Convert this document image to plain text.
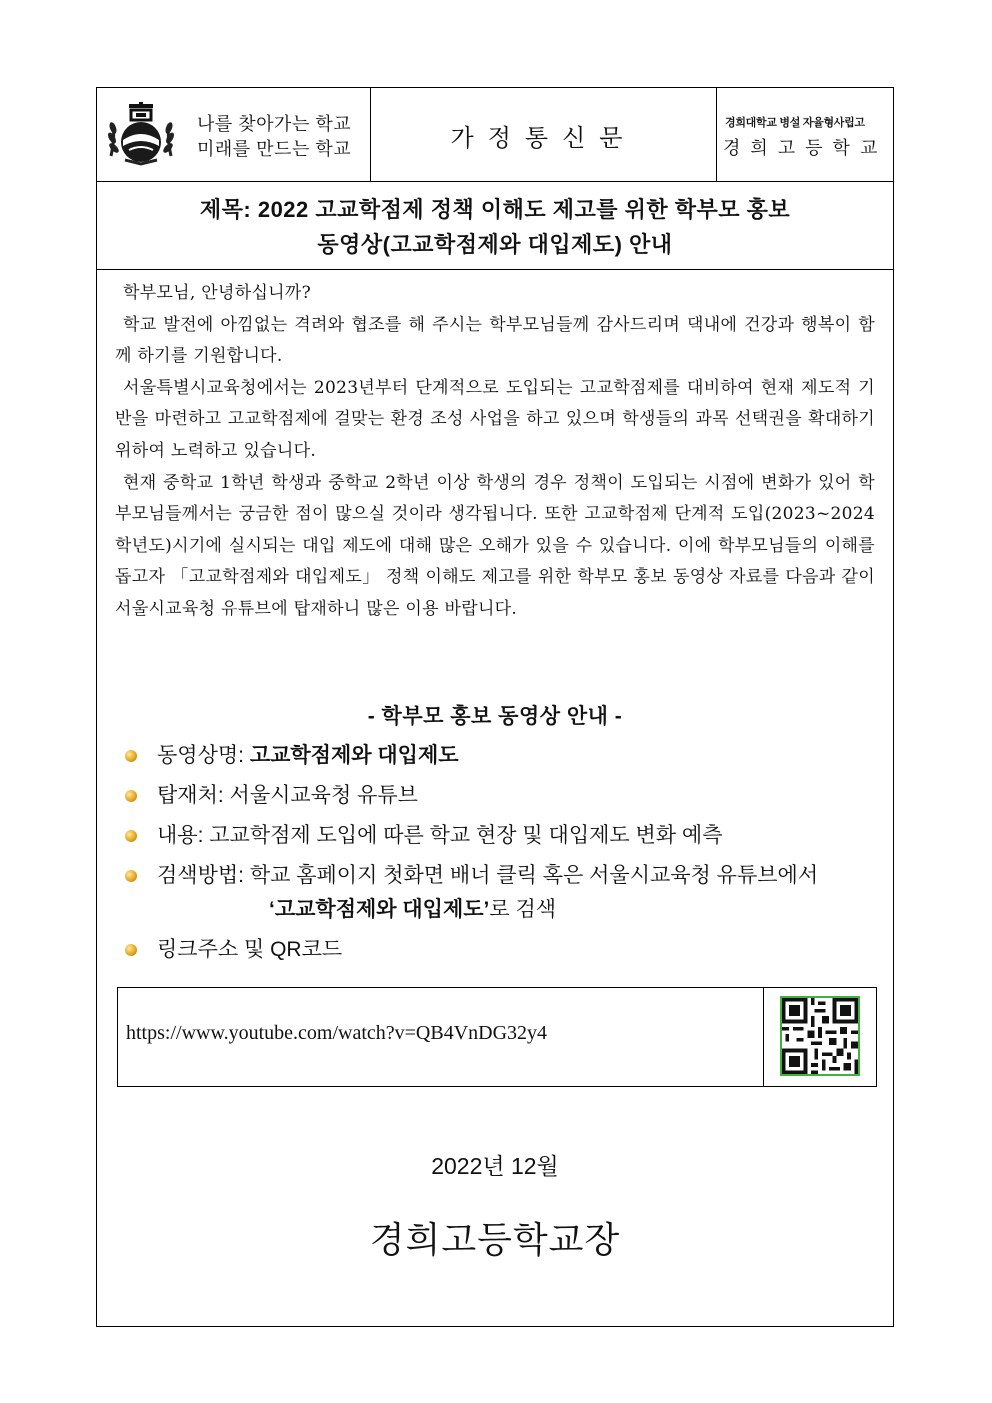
나를 찾아가는 학교
미래를 만드는 학교	가정통신문
경희대학교 병설 자율형사립고
경희고등학교
제목: 2022 고교학점제 정책 이해도 제고를 위한 학부모 홍보
동영상(고교학점제와 대입제도) 안내

학부모님, 안녕하십니까?

학교 발전에 아낌없는 격려와 협조를 해 주시는 학부모님들께 감사드리며 댁내에 건강과 행복이 함께 하기를 기원합니다.

서울특별시교육청에서는 2023년부터 단계적으로 도입되는 고교학점제를 대비하여 현재 제도적 기반을 마련하고 고교학점제에 걸맞는 환경 조성 사업을 하고 있으며 학생들의 과목 선택권을 확대하기 위하여 노력하고 있습니다.

현재 중학교 1학년 학생과 중학교 2학년 이상 학생의 경우 정책이 도입되는 시점에 변화가 있어 학부모님들께서는 궁금한 점이 많으실 것이라 생각됩니다. 또한 고교학점제 단계적 도입(2023~2024학년도)시기에 실시되는 대입 제도에 대해 많은 오해가 있을 수 있습니다. 이에 학부모님들의 이해를 돕고자 「고교학점제와 대입제도」 정책 이해도 제고를 위한 학부모 홍보 동영상 자료를 다음과 같이 서울시교육청 유튜브에 탑재하니 많은 이용 바랍니다.

- 학부모 홍보 동영상 안내 -
동영상명: 고교학점제와 대입제도
탑재처: 서울시교육청 유튜브
내용: 고교학점제 도입에 따른 학교 현장 및 대입제도 변화 예측
검색방법: 학교 홈페이지 첫화면 배너 클릭 혹은 서울시교육청 유튜브에서
‘고교학점제와 대입제도’로 검색
링크주소 및 QR코드
https://www.youtube.com/watch?v=QB4VnDG32y4
2022년 12월
경희고등학교장
